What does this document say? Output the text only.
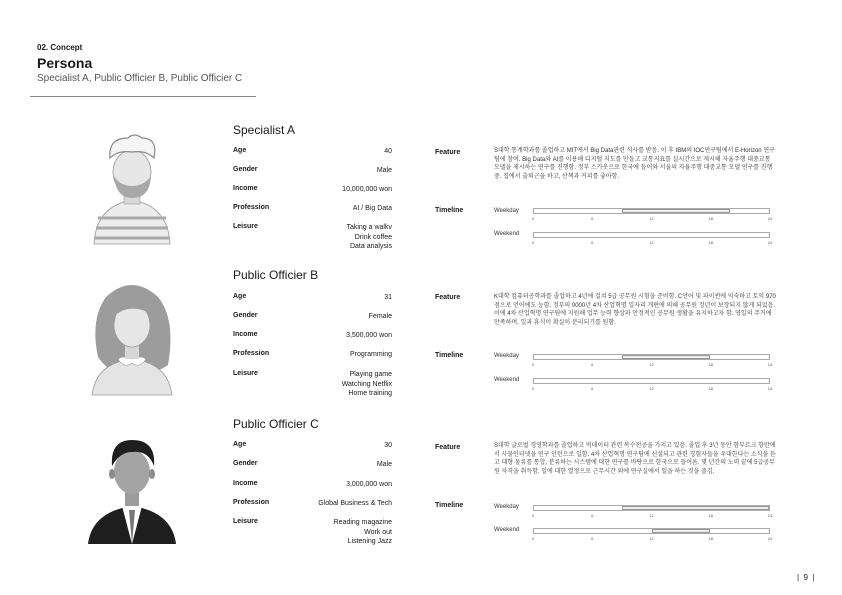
02. Concept
Persona
Specialist A, Public Officier B, Public Officier C
Specialist A
Age	40
Gender	Male
Income	10,000,000 won
Profession	AI / Big Data
Leisure	Taking a walkv
Drink coffee
Data analysis
Feature	S대학 통계학과를 졸업하고 MIT에서 Big Data관련 석사를 받음. 이 후 IBM의 IOC연구팀에서 E-Horizon 연구팀에 참여. Big Data와 AI를 이용해 디지털 지도를 만들고 교통지표를 실시간으로 제시해 자율주행 대중교통 모델을 제시하는 연구를 진행함. 정부 스카웃으로 한국에 들어와 서울의 자율주행 대중교통 모델 연구를 진행 중. 집에서 출퇴근을 하고, 산책과 커피를 좋아함.
Timeline	Weekday
0	6	12	18	24
Weekend
0	6	12	18	24
Public Officier B
Age	31
Gender	Female
Income	3,500,000 won
Profession	Programming
Leisure	Playing game
Watching Netflix
Home training
Feature	K대학 컴퓨터공학과를 졸업하고 4년에 걸쳐 5급 공무원 시험을 준비함. C언어 및 파이썬에 익숙하고 토익 970점으로 언어에도 능함. 정부의 0000년 4차 산업혁명 일자리 개편에 의해 공무원 정년이 보장되지 않게 되었음. 이에 4차 산업혁명 연구팀에 지원해 업무 능력 향상과 안정적인 공무원 생활을 유지하고자 함. 영일의 주거에 만족하며, 일과 휴식이 확실히 분리되기를 원함.
Timeline	Weekday
0	6	12	18	24
Weekend
0	6	12	18	24
Public Officier C
Age	30
Gender	Male
Income	3,000,000 won
Profession	Global Business & Tech
Leisure	Reading magazine
Work out
Listening Jazz
Feature	S대학 글로벌 경영학과를 졸업하고 빅데이터 관련 복수전공을 가지고 있음. 졸업 후 3년 동안 함부르크 항만에서 사물인터넷을 연구 인턴으로 일함. 4차 산업혁명 연구팀에 신설되고 관련 경험자들을 우대한다는 소식을 듣고 대형 물류를 통합, 분류하는 시스템에 대한 연구를 바탕으로 한국으로 들어옴. 몇 년간의 노력 끝에 5급공무원 자격을 취득함. 일에 대한 열정으로 근무시간 외에 연구실에서 일을 하는 것을 즐김.
Timeline	Weekday
0	6	12	18	24
Weekend
0	6	12	18	24
|  9  |
